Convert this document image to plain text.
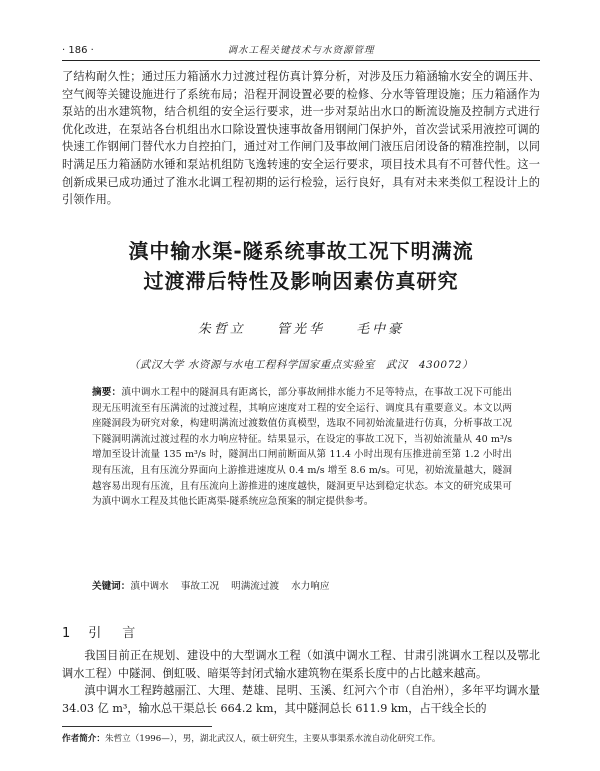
· 186 ·	调水工程关键技术与水资源管理

了结构耐久性；通过压力箱涵水力过渡过程仿真计算分析，对涉及压力箱涵输水安全的调压井、空气阀等关键设施进行了系统布局；沿程开洞设置必要的检修、分水等管理设施；压力箱涵作为泵站的出水建筑物，结合机组的安全运行要求，进一步对泵站出水口的断流设施及控制方式进行优化改进，在泵站各台机组出水口除设置快速事故备用钢闸门保护外，首次尝试采用液控可调的快速工作钢闸门替代水力自控拍门，通过对工作闸门及事故闸门液压启闭设备的精准控制，以同时满足压力箱涵防水锤和泵站机组防飞逸转速的安全运行要求，项目技术具有不可替代性。这一创新成果已成功通过了淮水北调工程初期的运行检验，运行良好，具有对未来类似工程设计上的引领作用。

滇中输水渠-隧系统事故工况下明满流
过渡滞后特性及影响因素仿真研究
朱哲立 管光华 毛中豪
（武汉大学 水资源与水电工程科学国家重点实验室　武汉　430072）
摘要：滇中调水工程中的隧洞具有距离长，部分事故闸排水能力不足等特点，在事故工况下可能出现无压明流至有压满流的过渡过程，其响应速度对工程的安全运行、调度具有重要意义。本文以两座隧洞段为研究对象，构建明满流过渡数值仿真模型，选取不同初始流量进行仿真，分析事故工况下隧洞明满流过渡过程的水力响应特征。结果显示，在设定的事故工况下，当初始流量从 40 m³/s 增加至设计流量 135 m³/s 时，隧洞出口闸前断面从第 11.4 小时出现有压推进前至第 1.2 小时出现有压流，且有压流分界面向上游推进速度从 0.4 m/s 增至 8.6 m/s。可见，初始流量越大，隧洞越容易出现有压流，且有压流向上游推进的速度越快，隧洞更早达到稳定状态。本文的研究成果可为滇中调水工程及其他长距离渠-隧系统应急预案的制定提供参考。
关键词：滇中调水 事故工况 明满流过渡 水力响应
1 引　言

我国目前正在规划、建设中的大型调水工程（如滇中调水工程、甘肃引洮调水工程以及鄂北调水工程）中隧洞、倒虹吸、暗渠等封闭式输水建筑物在渠系长度中的占比越来越高。

滇中调水工程跨越丽江、大理、楚雄、昆明、玉溪、红河六个市（自治州），多年平均调水量 34.03 亿 m³，输水总干渠总长 664.2 km，其中隧洞总长 611.9 km，占干线全长的

作者简介：朱哲立（1996—），男，湖北武汉人，硕士研究生，主要从事渠系水流自动化研究工作。
